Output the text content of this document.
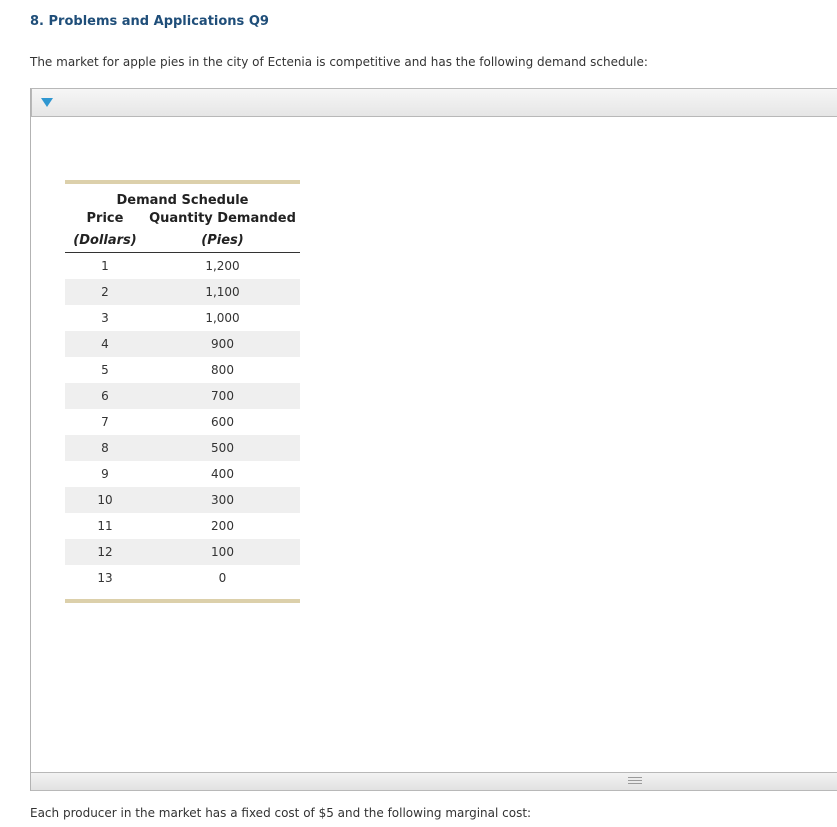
8. Problems and Applications Q9

The market for apple pies in the city of Ectenia is competitive and has the following demand schedule:

Demand Schedule
Price	Quantity Demanded
(Dollars)	(Pies)
1	1,200
2	1,100
3	1,000
4	900
5	800
6	700
7	600
8	500
9	400
10	300
11	200
12	100
13	0

Each producer in the market has a fixed cost of $5 and the following marginal cost:
